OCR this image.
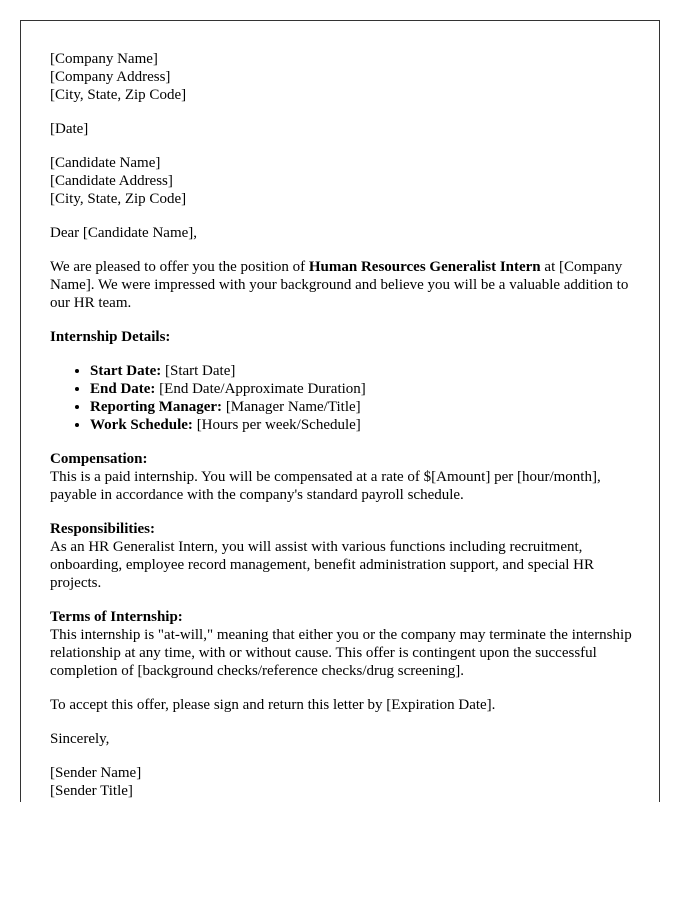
[Company Name]
[Company Address]
[City, State, Zip Code]
[Date]
[Candidate Name]
[Candidate Address]
[City, State, Zip Code]

Dear [Candidate Name],

We are pleased to offer you the position of Human Resources Generalist Intern at [Company Name]. We were impressed with your background and believe you will be a valuable addition to our HR team.

Internship Details:

• Start Date: [Start Date]
• End Date: [End Date/Approximate Duration]
• Reporting Manager: [Manager Name/Title]
• Work Schedule: [Hours per week/Schedule]

Compensation:
This is a paid internship. You will be compensated at a rate of $[Amount] per [hour/month], payable in accordance with the company's standard payroll schedule.

Responsibilities:
As an HR Generalist Intern, you will assist with various functions including recruitment, onboarding, employee record management, benefit administration support, and special HR projects.

Terms of Internship:
This internship is "at-will," meaning that either you or the company may terminate the internship relationship at any time, with or without cause. This offer is contingent upon the successful completion of [background checks/reference checks/drug screening].

To accept this offer, please sign and return this letter by [Expiration Date].

Sincerely,

[Sender Name]
[Sender Title]
